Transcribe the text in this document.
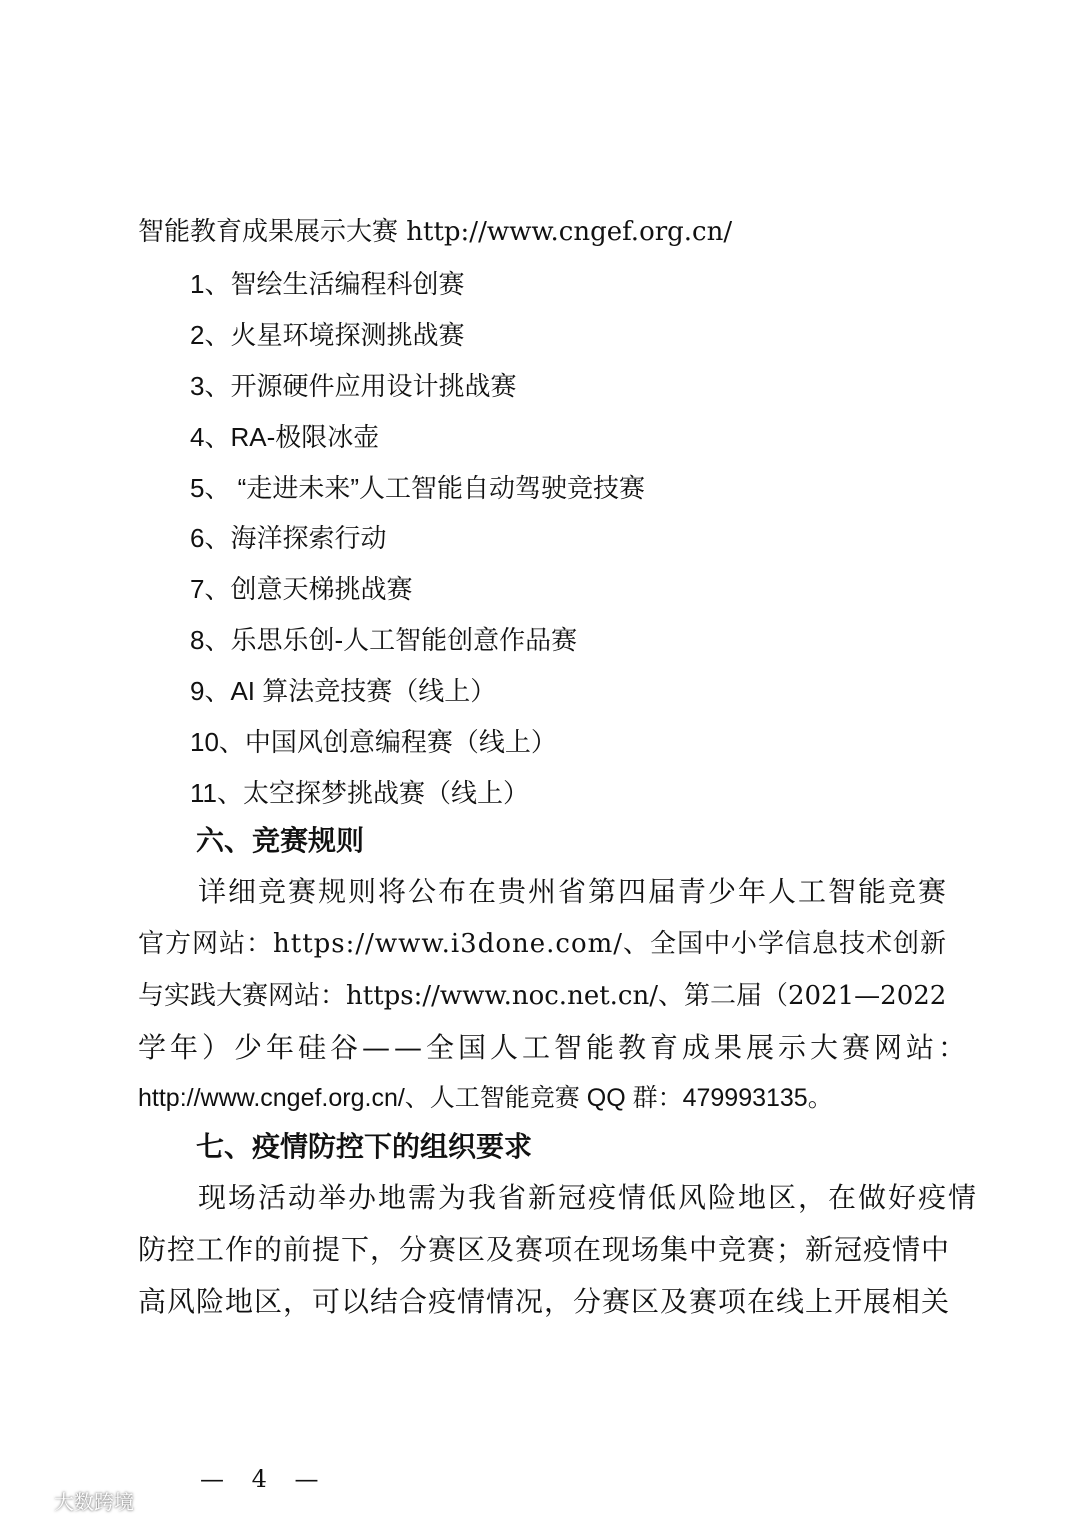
智能教育成果展示大赛 http://www.cngef.org.cn/
1、智绘生活编程科创赛
2、火星环境探测挑战赛
3、开源硬件应用设计挑战赛
4、RA-极限冰壶
5、 “走进未来”人工智能自动驾驶竞技赛
6、海洋探索行动
7、创意天梯挑战赛
8、乐思乐创-人工智能创意作品赛
9、AI 算法竞技赛（线上）
10、中国风创意编程赛（线上）
11、太空探梦挑战赛（线上）
六、竞赛规则
详细竞赛规则将公布在贵州省第四届青少年人工智能竞赛
官方网站：https://www.i3done.com/、全国中小学信息技术创新
与实践大赛网站：https://www.noc.net.cn/、第二届（2021—2022
学年）少年硅谷——全国人工智能教育成果展示大赛网站：
http://www.cngef.org.cn/、人工智能竞赛 QQ 群：479993135。
七、疫情防控下的组织要求
现场活动举办地需为我省新冠疫情低风险地区，在做好疫情
防控工作的前提下，分赛区及赛项在现场集中竞赛；新冠疫情中
高风险地区，可以结合疫情情况，分赛区及赛项在线上开展相关
— 4 —
大数跨境
